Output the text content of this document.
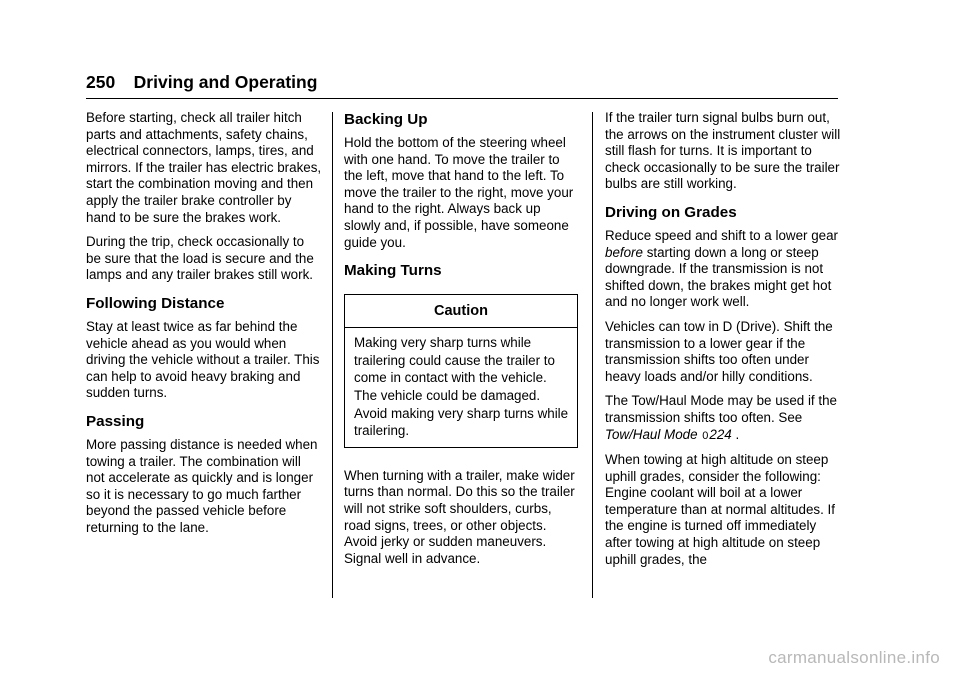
250 Driving and Operating

Before starting, check all trailer hitch parts and attachments, safety chains, electrical connectors, lamps, tires, and mirrors. If the trailer has electric brakes, start the combination moving and then apply the trailer brake controller by hand to be sure the brakes work.

During the trip, check occasionally to be sure that the load is secure and the lamps and any trailer brakes still work.

Following Distance

Stay at least twice as far behind the vehicle ahead as you would when driving the vehicle without a trailer. This can help to avoid heavy braking and sudden turns.

Passing

More passing distance is needed when towing a trailer. The combination will not accelerate as quickly and is longer so it is necessary to go much farther beyond the passed vehicle before returning to the lane.

Backing Up

Hold the bottom of the steering wheel with one hand. To move the trailer to the left, move that hand to the left. To move the trailer to the right, move your hand to the right. Always back up slowly and, if possible, have someone guide you.

Making Turns
Caution
Making very sharp turns while trailering could cause the trailer to come in contact with the vehicle. The vehicle could be damaged. Avoid making very sharp turns while trailering.

When turning with a trailer, make wider turns than normal. Do this so the trailer will not strike soft shoulders, curbs, road signs, trees, or other objects. Avoid jerky or sudden maneuvers. Signal well in advance.

If the trailer turn signal bulbs burn out, the arrows on the instrument cluster will still flash for turns. It is important to check occasionally to be sure the trailer bulbs are still working.

Driving on Grades

Reduce speed and shift to a lower gear before starting down a long or steep downgrade. If the transmission is not shifted down, the brakes might get hot and no longer work well.

Vehicles can tow in D (Drive). Shift the transmission to a lower gear if the transmission shifts too often under heavy loads and/or hilly conditions.

The Tow/Haul Mode may be used if the transmission shifts too often. See Tow/Haul Mode 0224 .

When towing at high altitude on steep uphill grades, consider the following: Engine coolant will boil at a lower temperature than at normal altitudes. If the engine is turned off immediately after towing at high altitude on steep uphill grades, the

carmanualsonline.info
